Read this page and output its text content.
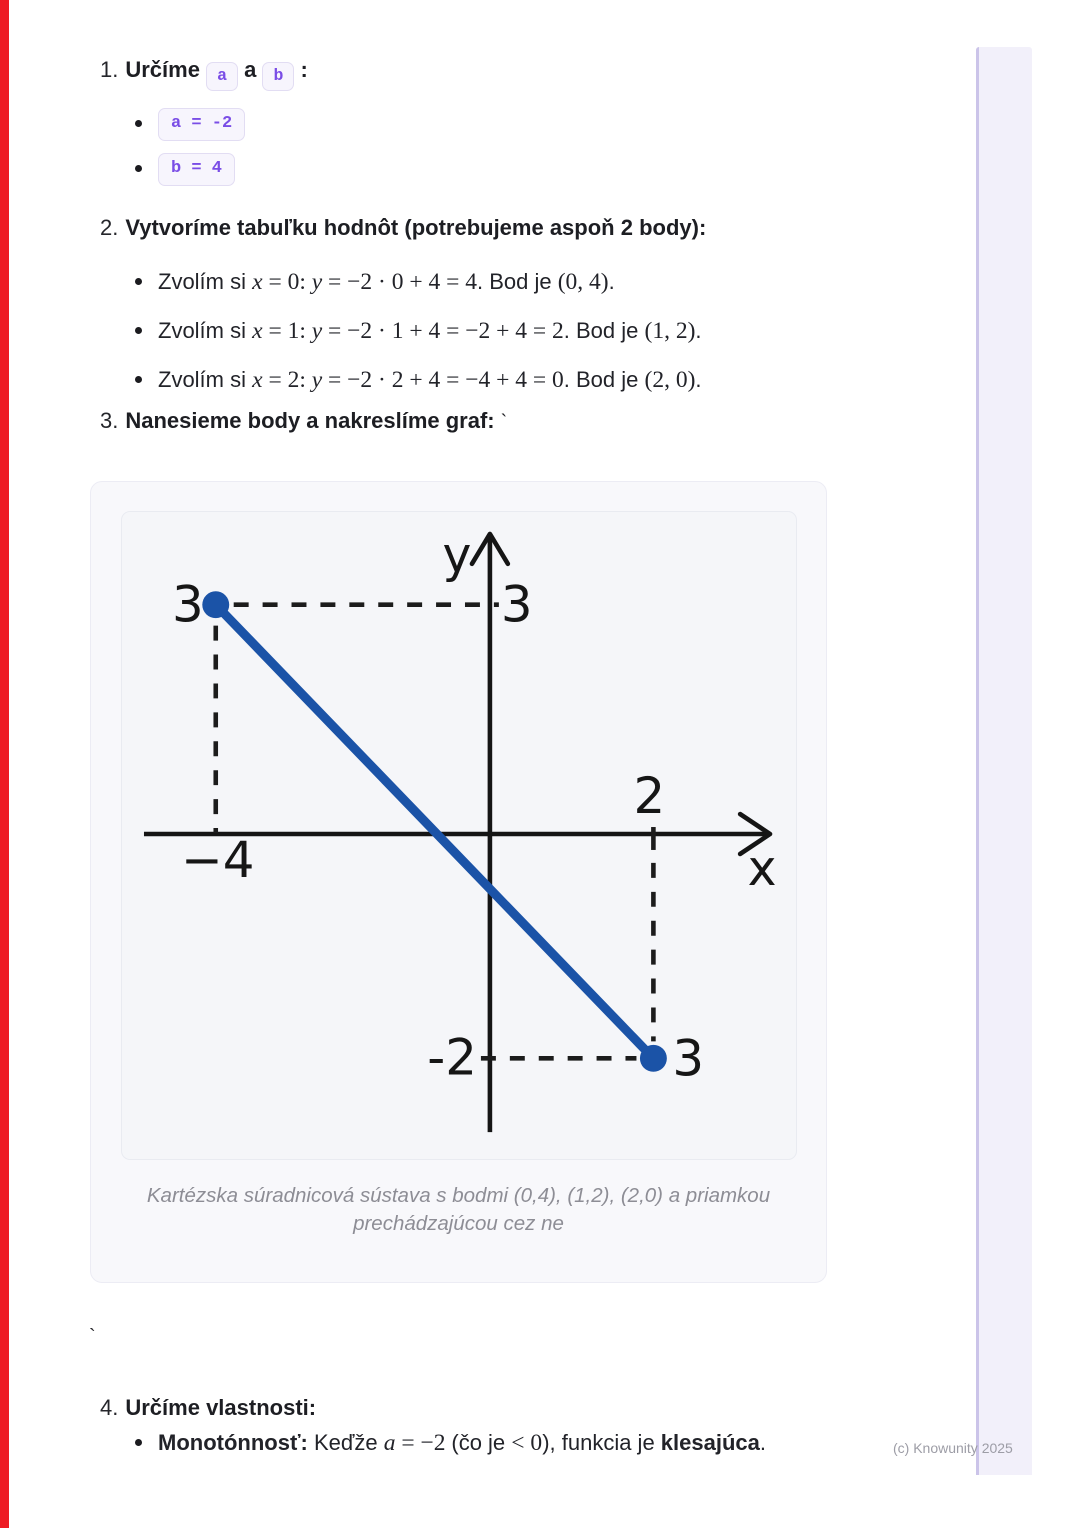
1. Určíme a a b :
a = -2
b = 4
2. Vytvoríme tabuľku hodnôt (potrebujeme aspoň 2 body):
Zvolím si x = 0: y = −2 · 0 + 4 = 4. Bod je (0, 4).
Zvolím si x = 1: y = −2 · 1 + 4 = −2 + 4 = 2. Bod je (1, 2).
Zvolím si x = 2: y = −2 · 2 + 4 = −4 + 4 = 0. Bod je (2, 0).
3. Nanesieme body a nakreslíme graf: `
y
x
3	3
−4
2
-2	3
Kartézska súradnicová sústava s bodmi (0,4), (1,2), (2,0) a priamkou prechádzajúcou cez ne
`
4. Určíme vlastnosti:
Monotónnosť: Keďže a = −2 (čo je < 0), funkcia je klesajúca.	(c) Knowunity 2025
